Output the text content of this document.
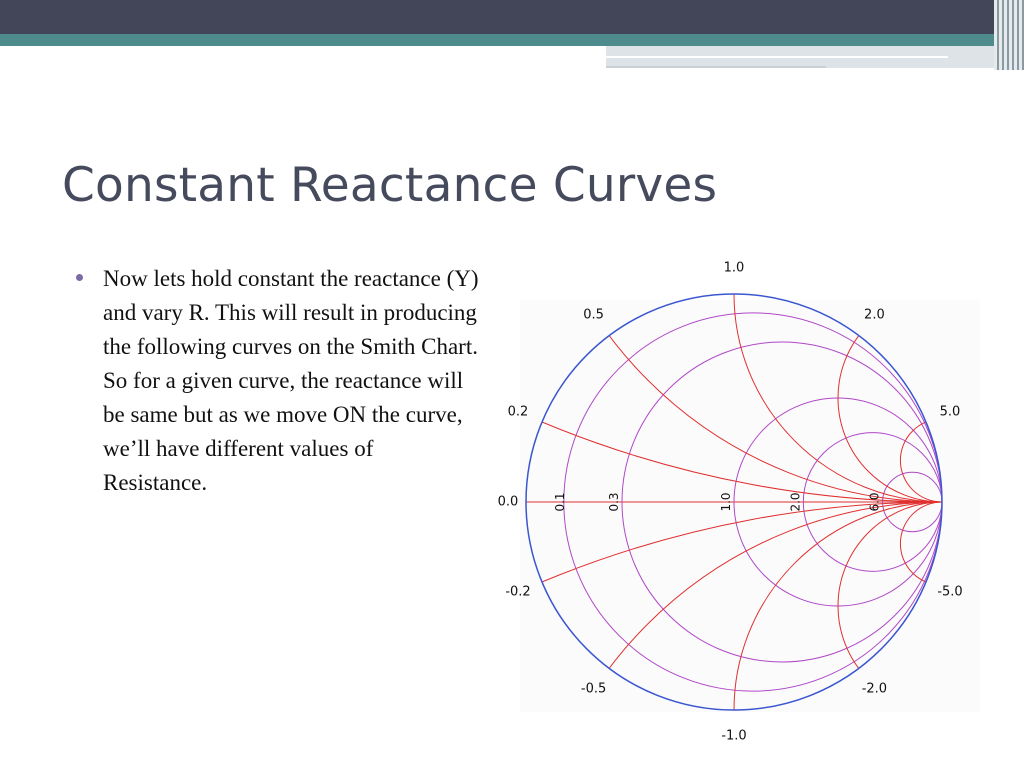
Constant Reactance Curves
Now lets hold constant the reactance (Y) and vary R. This will result in producing the following curves on the Smith Chart. So for a given curve, the reactance will be same but as we move ON the curve, we’ll have different values of Resistance.
0.1	0.3	1.0	2.0	6.0
0.0
0.2
0.5
1.0
2.0
5.0
-0.2
-0.5
-1.0
-2.0
-5.0
